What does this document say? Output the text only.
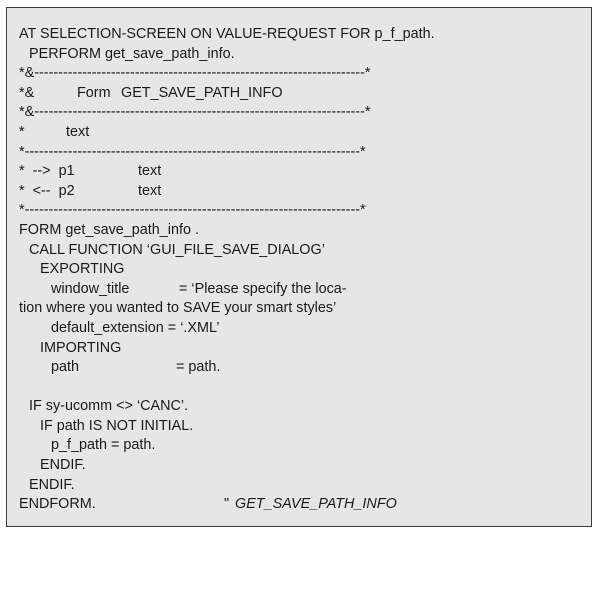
AT SELECTION-SCREEN ON VALUE-REQUEST FOR p_f_path.

PERFORM get_save_path_info.

*&---------------------------------------------------------------------*

*&

	Form

GET_SAVE_PATH_INFO

*&---------------------------------------------------------------------*

*

	text

*----------------------------------------------------------------------*

*  -->  p1

	text

*  <--  p2

	text

*----------------------------------------------------------------------*

FORM get_save_path_info .

CALL FUNCTION ‘GUI_FILE_SAVE_DIALOG’

EXPORTING

window_title

	= ‘Please specify the loca-

tion where you wanted to SAVE your smart styles’

default_extension = ‘.XML’

IMPORTING

path

	= path.

IF sy-ucomm <> ‘CANC’.

IF path IS NOT INITIAL.

p_f_path = path.

ENDIF.

ENDIF.

ENDFORM.

	"

GET_SAVE_PATH_INFO
